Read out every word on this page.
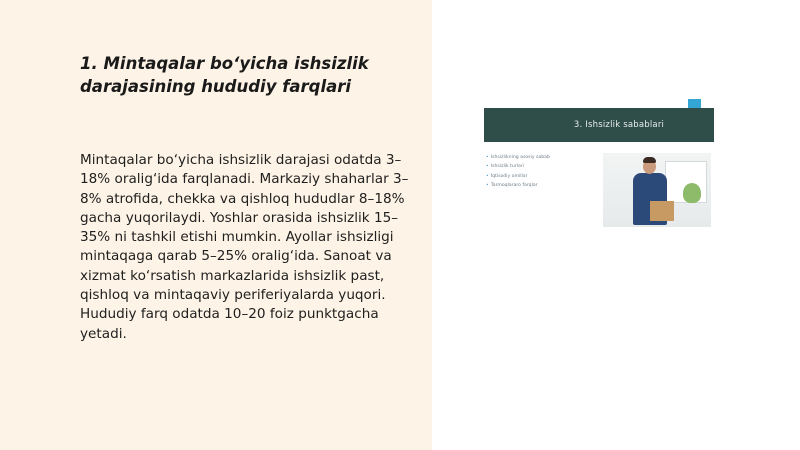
1. Mintaqalar bo‘yicha ishsizlik darajasining hududiy farqlari

Mintaqalar bo‘yicha ishsizlik darajasi odatda 3–18% oralig‘ida farqlanadi. Markaziy shaharlar 3–8% atrofida, chekka va qishloq hududlar 8–18% gacha yuqorilaydi. Yoshlar orasida ishsizlik 15–35% ni tashkil etishi mumkin. Ayollar ishsizligi mintaqaga qarab 5–25% oralig‘ida. Sanoat va xizmat ko‘rsatish markazlarida ishsizlik past, qishloq va mintaqaviy periferiyalarda yuqori. Hududiy farq odatda 10–20 foiz punktgacha yetadi.

3. Ishsizlik sabablari
• Ishsizlikning asosiy sabab
• Ishsizlik turlari
• Iqtisodiy omillar
• Tarmoqlararo farqlar
